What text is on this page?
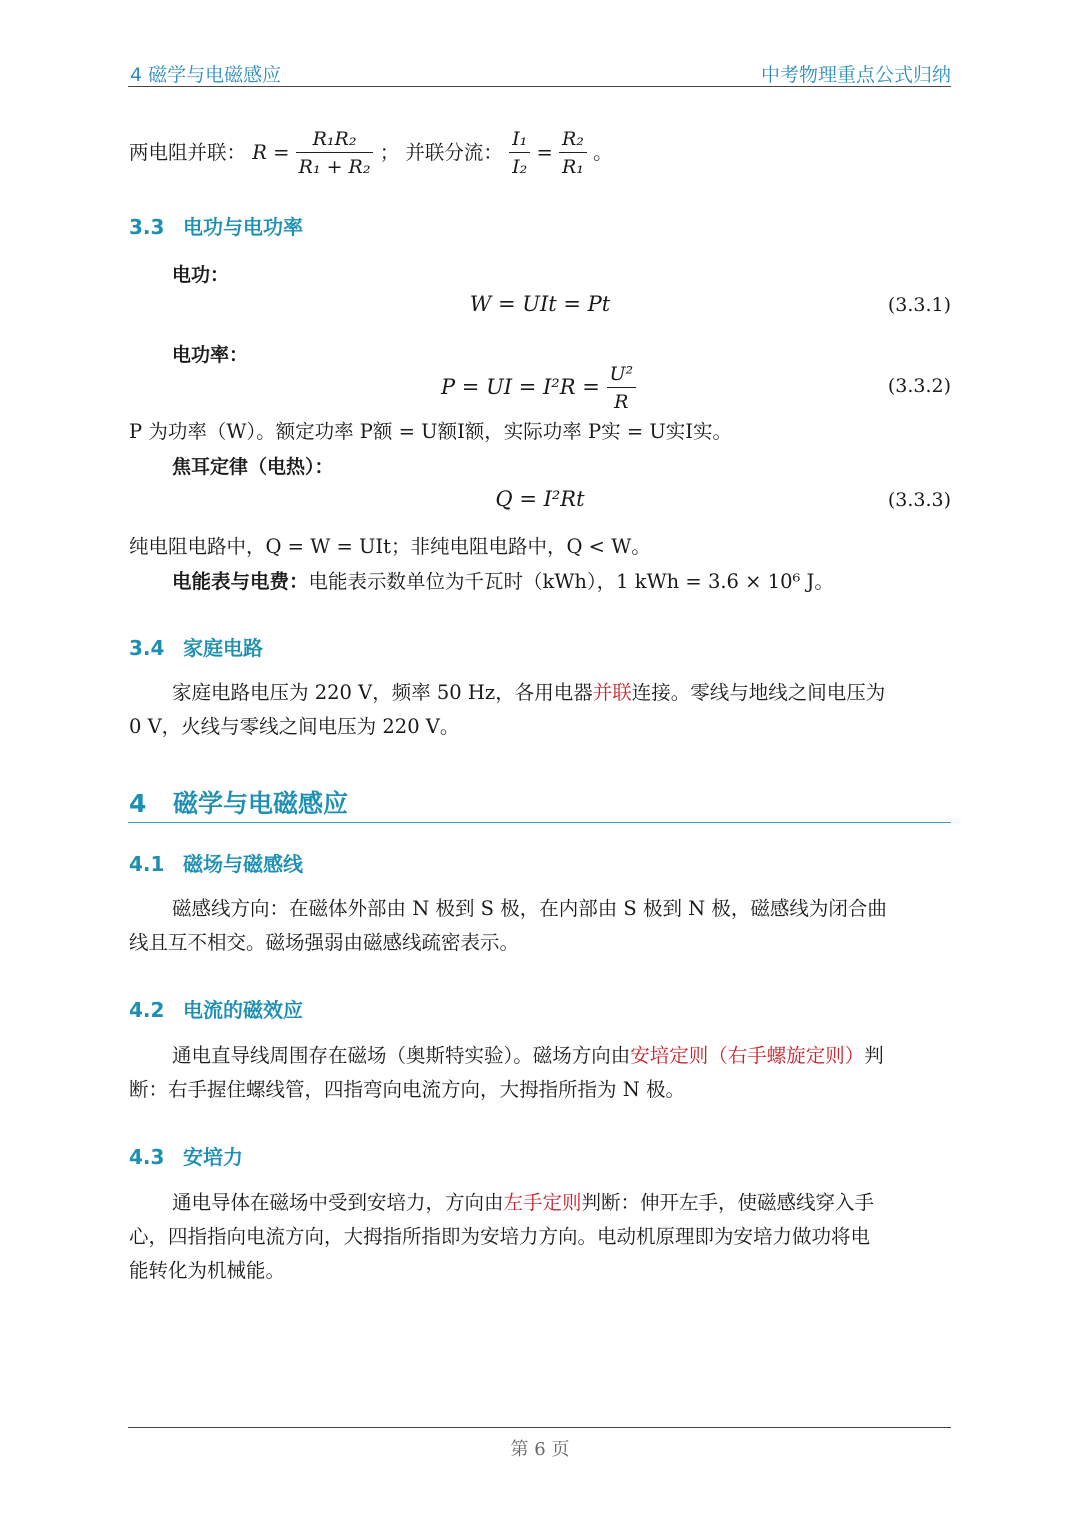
4 磁学与电磁感应	中考物理重点公式归纳
两电阻并联： $R = \frac{\text{R₁R₂}}{\text{R₁ + R₂}}$ ； 并联分流： $\frac{\text{I₁}}{\text{I₂}} = \frac{\text{R₂}}{\text{R₁}}$ 。
3.3 电功与电功率
电功：
W = UIt = Pt	(3.3.1)
电功率：
P = UI = $I^2R = \frac{\text{U²}}{R}$	(3.3.2)
P 为功率（W）。额定功率 P额 = U额I额，实际功率 P实 = U实I实。
焦耳定律（电热）：
Q = I²Rt	(3.3.3)
纯电阻电路中，Q = W = UIt；非纯电阻电路中，Q < W。
电能表与电费：电能表示数单位为千瓦时（kWh），1 kWh = 3.6 × 10⁶ J。
3.4 家庭电路
家庭电路电压为 220 V，频率 50 Hz，各用电器并联连接。零线与地线之间电压为
0 V，火线与零线之间电压为 220 V。
4 磁学与电磁感应
4.1 磁场与磁感线
磁感线方向：在磁体外部由 N 极到 S 极，在内部由 S 极到 N 极，磁感线为闭合曲
线且互不相交。磁场强弱由磁感线疏密表示。
4.2 电流的磁效应
通电直导线周围存在磁场（奥斯特实验）。磁场方向由安培定则（右手螺旋定则）判
断：右手握住螺线管，四指弯向电流方向，大拇指所指为 N 极。
4.3 安培力
通电导体在磁场中受到安培力，方向由左手定则判断：伸开左手，使磁感线穿入手
心，四指指向电流方向，大拇指所指即为安培力方向。电动机原理即为安培力做功将电
能转化为机械能。
第 6 页
